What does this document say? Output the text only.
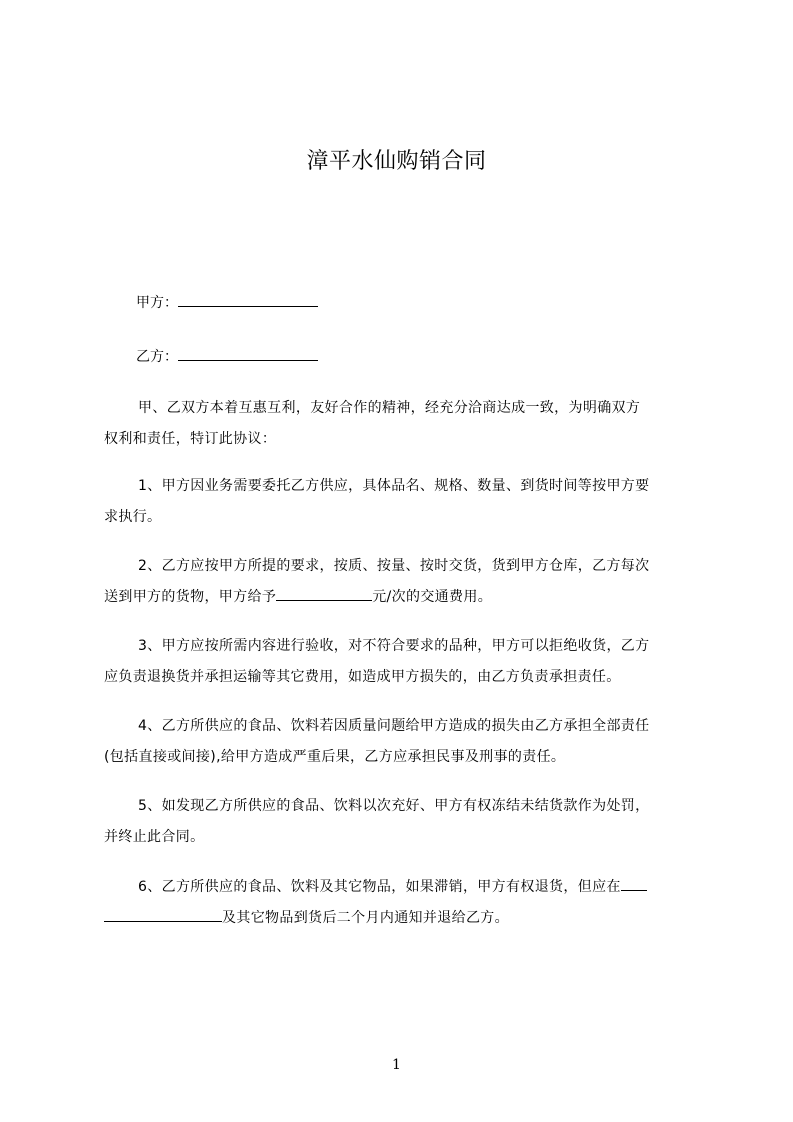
漳平水仙购销合同
甲方：
乙方：
甲、乙双方本着互惠互利，友好合作的精神，经充分洽商达成一致，为明确双方
权利和责任，特订此协议：
1、甲方因业务需要委托乙方供应，具体品名、规格、数量、到货时间等按甲方要
求执行。
2、乙方应按甲方所提的要求，按质、按量、按时交货，货到甲方仓库，乙方每次
送到甲方的货物，甲方给予	元/次的交通费用。
3、甲方应按所需内容进行验收，对不符合要求的品种，甲方可以拒绝收货，乙方
应负责退换货并承担运输等其它费用，如造成甲方损失的，由乙方负责承担责任。
4、乙方所供应的食品、饮料若因质量问题给甲方造成的损失由乙方承担全部责任
(包括直接或间接),给甲方造成严重后果，乙方应承担民事及刑事的责任。
5、如发现乙方所供应的食品、饮料以次充好、甲方有权冻结未结货款作为处罚，
并终止此合同。
6、乙方所供应的食品、饮料及其它物品，如果滞销，甲方有权退货，但应在
及其它物品到货后二个月内通知并退给乙方。
1
